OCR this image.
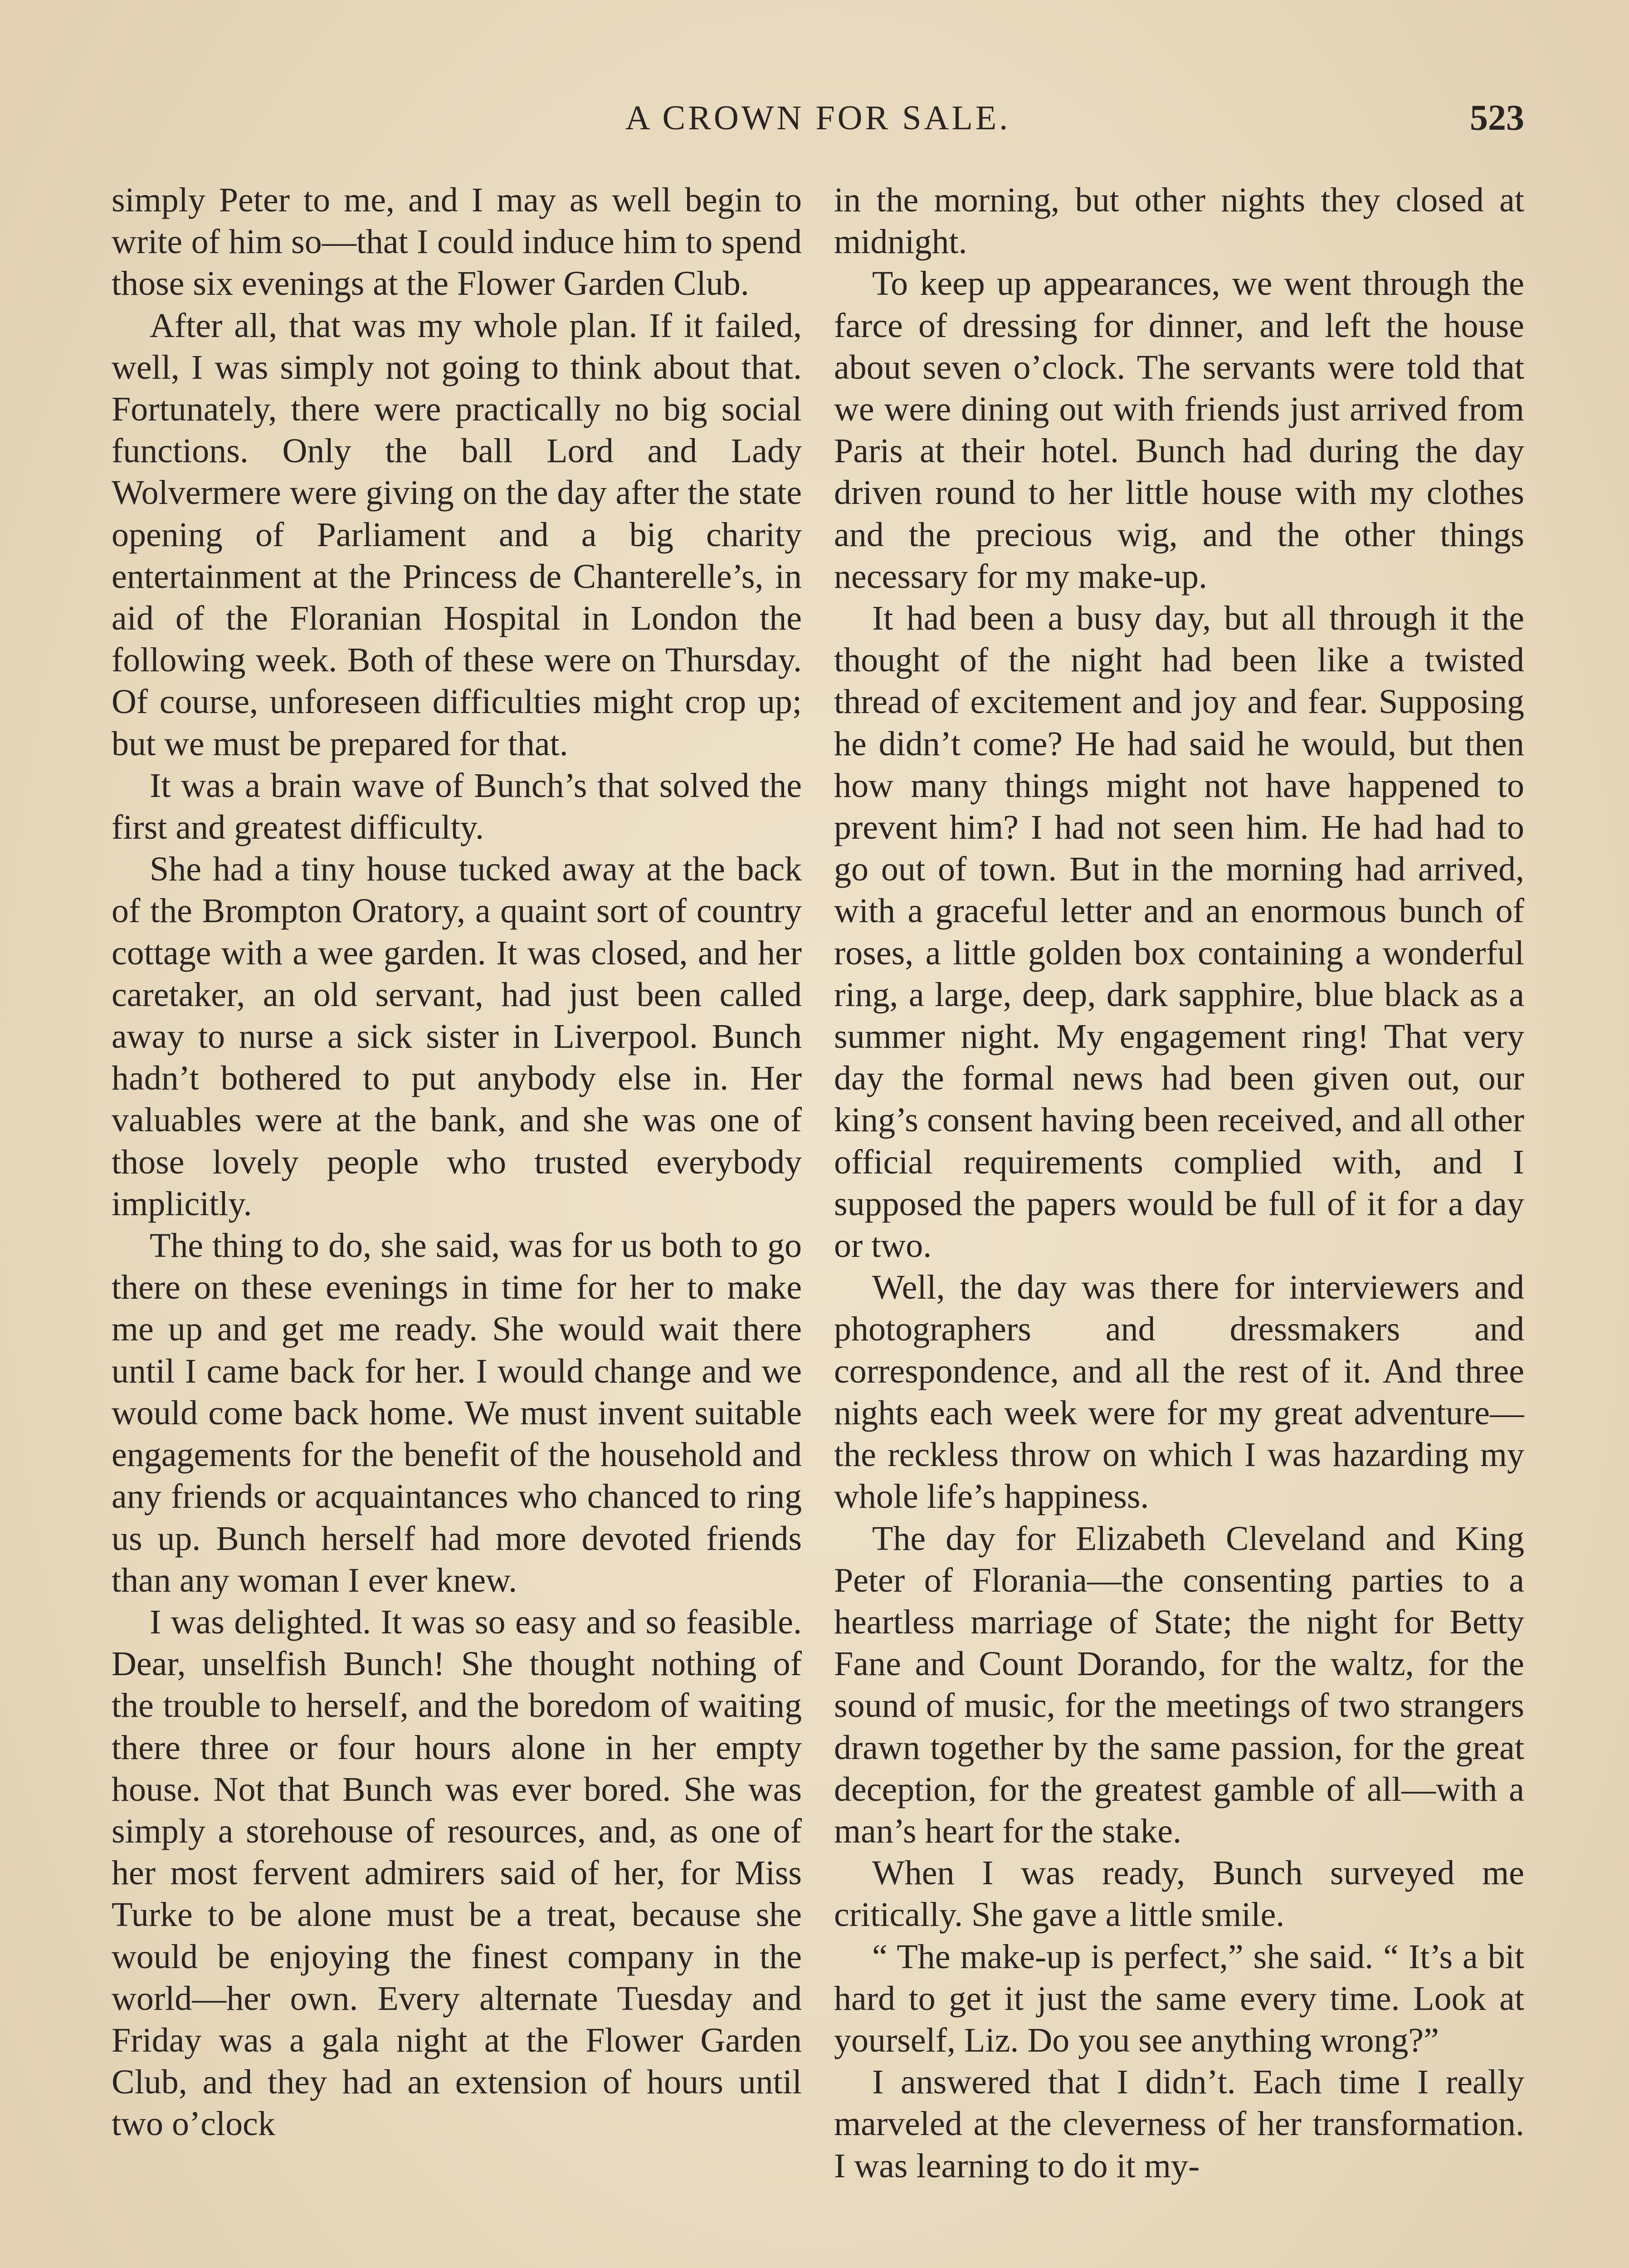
A CROWN FOR SALE.	523

simply Peter to me, and I may as well begin to write of him so—that I could induce him to spend those six evenings at the Flower Garden Club.

After all, that was my whole plan. If it failed, well, I was simply not going to think about that. Fortunately, there were practically no big social functions. Only the ball Lord and Lady Wolvermere were giving on the day after the state opening of Parliament and a big charity entertainment at the Princess de Chanterelle’s, in aid of the Floranian Hospital in London the following week. Both of these were on Thursday. Of course, unforeseen difficulties might crop up; but we must be prepared for that.

It was a brain wave of Bunch’s that solved the first and greatest difficulty.

She had a tiny house tucked away at the back of the Brompton Oratory, a quaint sort of country cottage with a wee garden. It was closed, and her caretaker, an old servant, had just been called away to nurse a sick sister in Liverpool. Bunch hadn’t bothered to put anybody else in. Her valuables were at the bank, and she was one of those lovely people who trusted everybody implicitly.

The thing to do, she said, was for us both to go there on these evenings in time for her to make me up and get me ready. She would wait there until I came back for her. I would change and we would come back home. We must invent suitable engagements for the benefit of the household and any friends or acquaintances who chanced to ring us up. Bunch herself had more devoted friends than any woman I ever knew.

I was delighted. It was so easy and so feasible. Dear, unselfish Bunch! She thought nothing of the trouble to herself, and the boredom of waiting there three or four hours alone in her empty house. Not that Bunch was ever bored. She was simply a storehouse of resources, and, as one of her most fervent admirers said of her, for Miss Turke to be alone must be a treat, because she would be enjoying the finest company in the world—her own. Every alternate Tuesday and Friday was a gala night at the Flower Garden Club, and they had an extension of hours until two o’clock

in the morning, but other nights they closed at midnight.

To keep up appearances, we went through the farce of dressing for dinner, and left the house about seven o’clock. The servants were told that we were dining out with friends just arrived from Paris at their hotel. Bunch had during the day driven round to her little house with my clothes and the precious wig, and the other things necessary for my make-up.

It had been a busy day, but all through it the thought of the night had been like a twisted thread of excitement and joy and fear. Supposing he didn’t come? He had said he would, but then how many things might not have happened to prevent him? I had not seen him. He had had to go out of town. But in the morning had arrived, with a graceful letter and an enormous bunch of roses, a little golden box containing a wonderful ring, a large, deep, dark sapphire, blue black as a summer night. My engagement ring! That very day the formal news had been given out, our king’s consent having been received, and all other official requirements complied with, and I supposed the papers would be full of it for a day or two.

Well, the day was there for interviewers and photographers and dressmakers and correspondence, and all the rest of it. And three nights each week were for my great adventure—the reckless throw on which I was hazarding my whole life’s happiness.

The day for Elizabeth Cleveland and King Peter of Florania—the consenting parties to a heartless marriage of State; the night for Betty Fane and Count Dorando, for the waltz, for the sound of music, for the meetings of two strangers drawn together by the same passion, for the great deception, for the greatest gamble of all—with a man’s heart for the stake.

When I was ready, Bunch surveyed me critically. She gave a little smile.

“ The make-up is perfect,” she said. “ It’s a bit hard to get it just the same every time. Look at yourself, Liz. Do you see anything wrong?”

I answered that I didn’t. Each time I really marveled at the cleverness of her transformation. I was learning to do it my-
